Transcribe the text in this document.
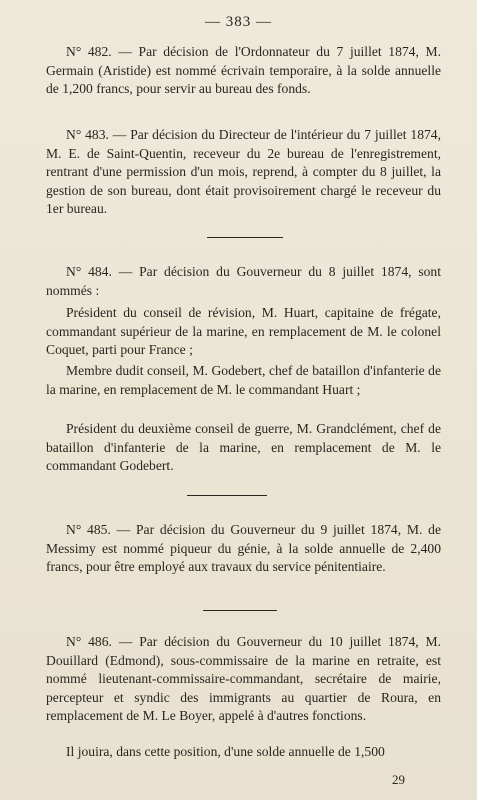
— 383 —

N° 482. — Par décision de l'Ordonnateur du 7 juillet 1874, M. Germain (Aristide) est nommé écrivain temporaire, à la solde annuelle de 1,200 francs, pour servir au bureau des fonds.

N° 483. — Par décision du Directeur de l'intérieur du 7 juillet 1874, M. E. de Saint-Quentin, receveur du 2e bureau de l'enregistrement, rentrant d'une permission d'un mois, reprend, à compter du 8 juillet, la gestion de son bureau, dont était provisoirement chargé le receveur du 1er bureau.

N° 484. — Par décision du Gouverneur du 8 juillet 1874, sont nommés :

Président du conseil de révision, M. Huart, capitaine de frégate, commandant supérieur de la marine, en remplacement de M. le colonel Coquet, parti pour France ;

Membre dudit conseil, M. Godebert, chef de bataillon d'infanterie de la marine, en remplacement de M. le commandant Huart ;

Président du deuxième conseil de guerre, M. Grandclément, chef de bataillon d'infanterie de la marine, en remplacement de M. le commandant Godebert.

N° 485. — Par décision du Gouverneur du 9 juillet 1874, M. de Messimy est nommé piqueur du génie, à la solde annuelle de 2,400 francs, pour être employé aux travaux du service pénitentiaire.

N° 486. — Par décision du Gouverneur du 10 juillet 1874, M. Douillard (Edmond), sous-commissaire de la marine en retraite, est nommé lieutenant-commissaire-commandant, secrétaire de mairie, percepteur et syndic des immigrants au quartier de Roura, en remplacement de M. Le Boyer, appelé à d'autres fonctions.

Il jouira, dans cette position, d'une solde annuelle de 1,500

29
